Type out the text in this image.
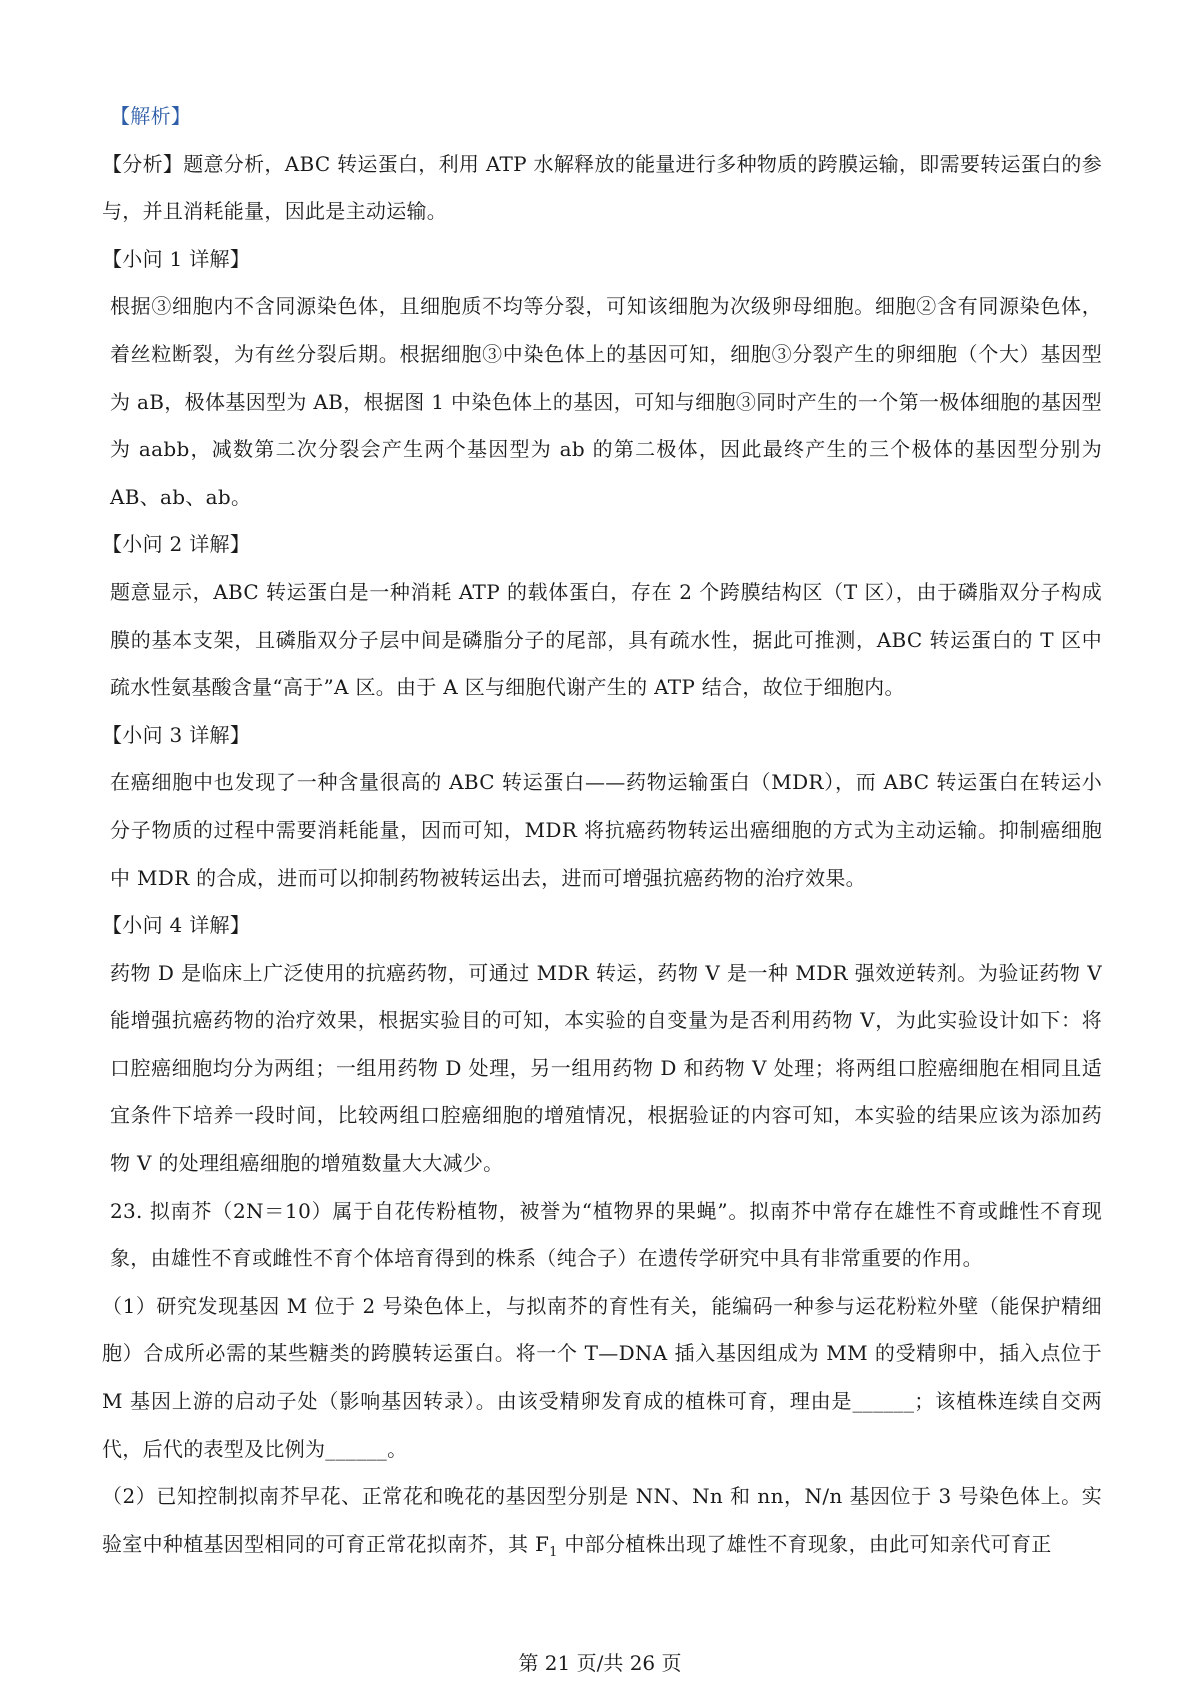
【解析】

【分析】题意分析，ABC 转运蛋白，利用 ATP 水解释放的能量进行多种物质的跨膜运输，即需要转运蛋白的参与，并且消耗能量，因此是主动运输。

【小问 1 详解】

根据③细胞内不含同源染色体，且细胞质不均等分裂，可知该细胞为次级卵母细胞。细胞②含有同源染色体，着丝粒断裂，为有丝分裂后期。根据细胞③中染色体上的基因可知，细胞③分裂产生的卵细胞（个大）基因型为 aB，极体基因型为 AB，根据图 1 中染色体上的基因，可知与细胞③同时产生的一个第一极体细胞的基因型为 aabb，减数第二次分裂会产生两个基因型为 ab 的第二极体，因此最终产生的三个极体的基因型分别为 AB、ab、ab。

【小问 2 详解】

题意显示，ABC 转运蛋白是一种消耗 ATP 的载体蛋白，存在 2 个跨膜结构区（T 区），由于磷脂双分子构成膜的基本支架，且磷脂双分子层中间是磷脂分子的尾部，具有疏水性，据此可推测，ABC 转运蛋白的 T 区中疏水性氨基酸含量“高于”A 区。由于 A 区与细胞代谢产生的 ATP 结合，故位于细胞内。

【小问 3 详解】

在癌细胞中也发现了一种含量很高的 ABC 转运蛋白——药物运输蛋白（MDR），而 ABC 转运蛋白在转运小分子物质的过程中需要消耗能量，因而可知，MDR 将抗癌药物转运出癌细胞的方式为主动运输。抑制癌细胞中 MDR 的合成，进而可以抑制药物被转运出去，进而可增强抗癌药物的治疗效果。

【小问 4 详解】

药物 D 是临床上广泛使用的抗癌药物，可通过 MDR 转运，药物 V 是一种 MDR 强效逆转剂。为验证药物 V 能增强抗癌药物的治疗效果，根据实验目的可知，本实验的自变量为是否利用药物 V，为此实验设计如下：将口腔癌细胞均分为两组；一组用药物 D 处理，另一组用药物 D 和药物 V 处理；将两组口腔癌细胞在相同且适宜条件下培养一段时间，比较两组口腔癌细胞的增殖情况，根据验证的内容可知，本实验的结果应该为添加药物 V 的处理组癌细胞的增殖数量大大减少。

23. 拟南芥（2N＝10）属于自花传粉植物，被誉为“植物界的果蝇”。拟南芥中常存在雄性不育或雌性不育现象，由雄性不育或雌性不育个体培育得到的株系（纯合子）在遗传学研究中具有非常重要的作用。

（1）研究发现基因 M 位于 2 号染色体上，与拟南芥的育性有关，能编码一种参与运花粉粒外壁（能保护精细胞）合成所必需的某些糖类的跨膜转运蛋白。将一个 T—DNA 插入基因组成为 MM 的受精卵中，插入点位于 M 基因上游的启动子处（影响基因转录）。由该受精卵发育成的植株可育，理由是______；该植株连续自交两代，后代的表型及比例为______。

（2）已知控制拟南芥早花、正常花和晚花的基因型分别是 NN、Nn 和 nn，N/n 基因位于 3 号染色体上。实验室中种植基因型相同的可育正常花拟南芥，其 $F_1$ 中部分植株出现了雄性不育现象，由此可知亲代可育正

第 21 页/共 26 页
